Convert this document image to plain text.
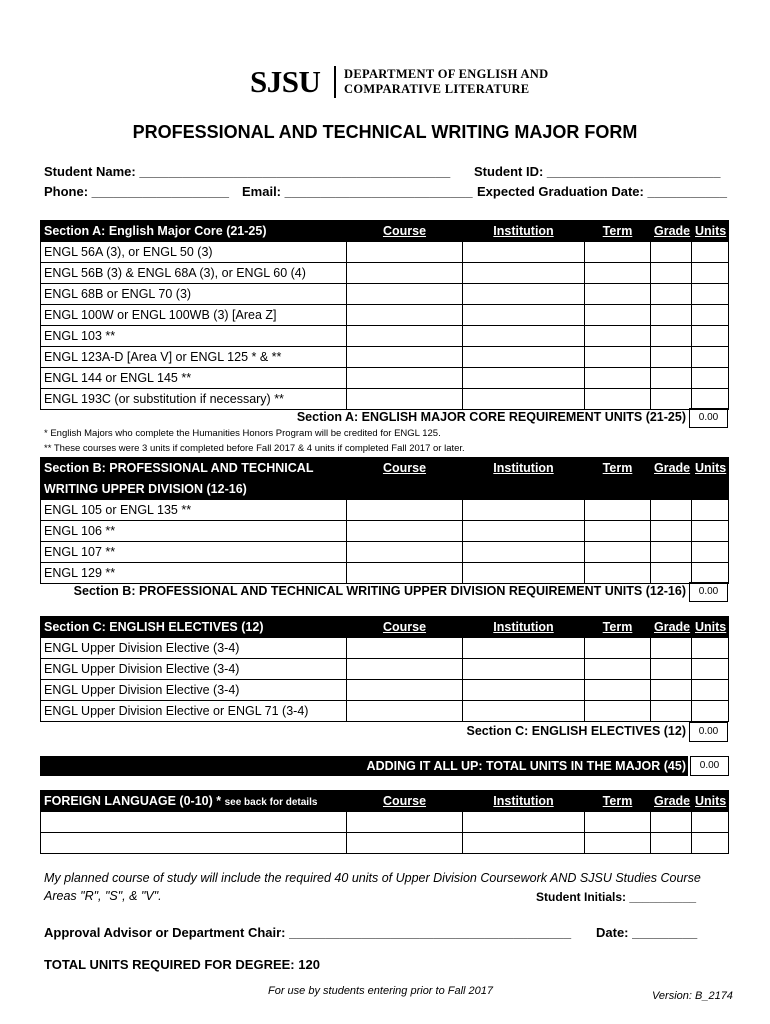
SJSU DEPARTMENT OF ENGLISH AND
COMPARATIVE LITERATURE
PROFESSIONAL AND TECHNICAL WRITING MAJOR FORM
Student Name: ___________________________________________ Student ID: ________________________
Phone: ___________________ Email: __________________________ Expected Graduation Date: ___________
Section A: English Major Core (21-25)	Course	Institution	Term	Grade	Units
ENGL 56A (3), or ENGL 50 (3)					
ENGL 56B (3) & ENGL 68A (3), or ENGL 60 (4)					
ENGL 68B or ENGL 70 (3)					
ENGL 100W or ENGL 100WB (3) [Area Z]					
ENGL 103 **					
ENGL 123A-D [Area V] or ENGL 125 * & **					
ENGL 144 or ENGL 145 **					
ENGL 193C (or substitution if necessary) **					
Section A: ENGLISH MAJOR CORE REQUIREMENT UNITS (21-25)	0.00
* English Majors who complete the Humanities Honors Program will be credited for ENGL 125.
** These courses were 3 units if completed before Fall 2017 & 4 units if completed Fall 2017 or later.
Section B: PROFESSIONAL AND TECHNICAL	Course	Institution	Term	Grade	Units
WRITING UPPER DIVISION (12-16)					
ENGL 105 or ENGL 135 **					
ENGL 106 **					
ENGL 107 **					
ENGL 129 **					
Section B: PROFESSIONAL AND TECHNICAL WRITING UPPER DIVISION REQUIREMENT UNITS (12-16)	0.00
Section C: ENGLISH ELECTIVES (12)	Course	Institution	Term	Grade	Units
ENGL Upper Division Elective (3-4)					
ENGL Upper Division Elective (3-4)					
ENGL Upper Division Elective (3-4)					
ENGL Upper Division Elective or ENGL 71 (3-4)					
Section C: ENGLISH ELECTIVES (12)	0.00
ADDING IT ALL UP: TOTAL UNITS IN THE MAJOR (45)	0.00
FOREIGN LANGUAGE (0-10) * see back for details	Course	Institution	Term	Grade	Units

My planned course of study will include the required 40 units of Upper Division Coursework AND SJSU Studies Course
Areas "R", "S", & "V".	Student Initials: __________
Approval Advisor or Department Chair: _______________________________________ Date: _________
TOTAL UNITS REQUIRED FOR DEGREE: 120
For use by students entering prior to Fall 2017	Version: B_2174
